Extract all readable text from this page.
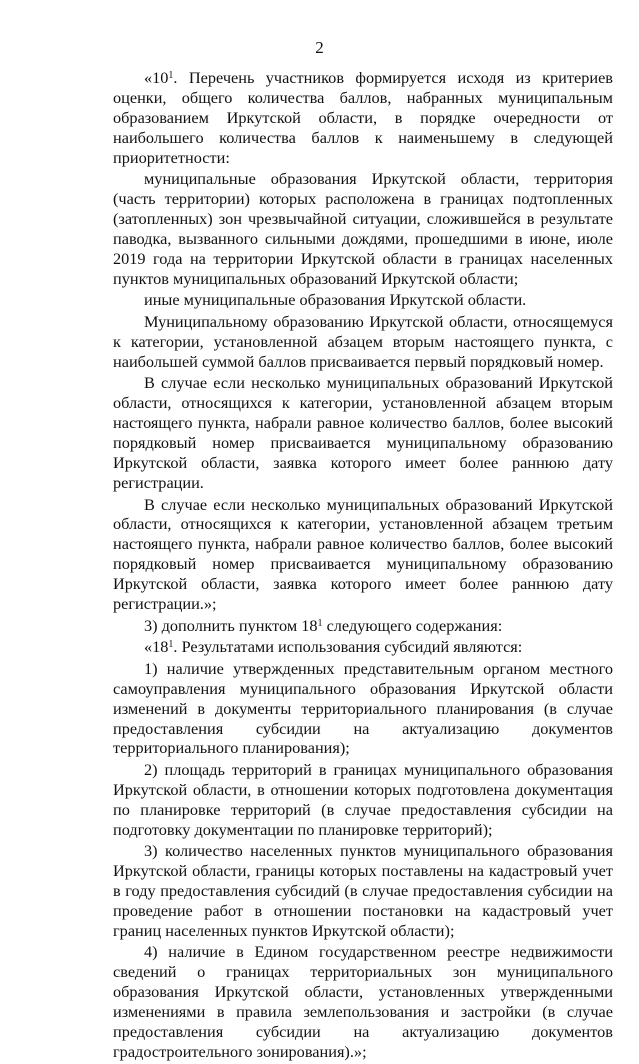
2

«$10^1$. Перечень участников формируется исходя из критериев оценки, общего количества баллов, набранных муниципальным образованием Иркутской области, в порядке очередности от наибольшего количества баллов к наименьшему в следующей приоритетности:

муниципальные образования Иркутской области, территория (часть территории) которых расположена в границах подтопленных (затопленных) зон чрезвычайной ситуации, сложившейся в результате паводка, вызванного сильными дождями, прошедшими в июне, июле 2019 года на территории Иркутской области в границах населенных пунктов муниципальных образований Иркутской области;

иные муниципальные образования Иркутской области.

Муниципальному образованию Иркутской области, относящемуся к категории, установленной абзацем вторым настоящего пункта, с наибольшей суммой баллов присваивается первый порядковый номер.

В случае если несколько муниципальных образований Иркутской области, относящихся к категории, установленной абзацем вторым настоящего пункта, набрали равное количество баллов, более высокий порядковый номер присваивается муниципальному образованию Иркутской области, заявка которого имеет более раннюю дату регистрации.

В случае если несколько муниципальных образований Иркутской области, относящихся к категории, установленной абзацем третьим настоящего пункта, набрали равное количество баллов, более высокий порядковый номер присваивается муниципальному образованию Иркутской области, заявка которого имеет более раннюю дату регистрации.»;

3) дополнить пунктом $18^1$ следующего содержания:

«$18^1$. Результатами использования субсидий являются:

1) наличие утвержденных представительным органом местного самоуправления муниципального образования Иркутской области изменений в документы территориального планирования (в случае предоставления субсидии на актуализацию документов территориального планирования);

2) площадь территорий в границах муниципального образования Иркутской области, в отношении которых подготовлена документация по планировке территорий (в случае предоставления субсидии на подготовку документации по планировке территорий);

3) количество населенных пунктов муниципального образования Иркутской области, границы которых поставлены на кадастровый учет в году предоставления субсидий (в случае предоставления субсидии на проведение работ в отношении постановки на кадастровый учет границ населенных пунктов Иркутской области);

4) наличие в Едином государственном реестре недвижимости сведений о границах территориальных зон муниципального образования Иркутской области, установленных утвержденными изменениями в правила землепользования и застройки (в случае предоставления субсидии на актуализацию документов градостроительного зонирования).»;
